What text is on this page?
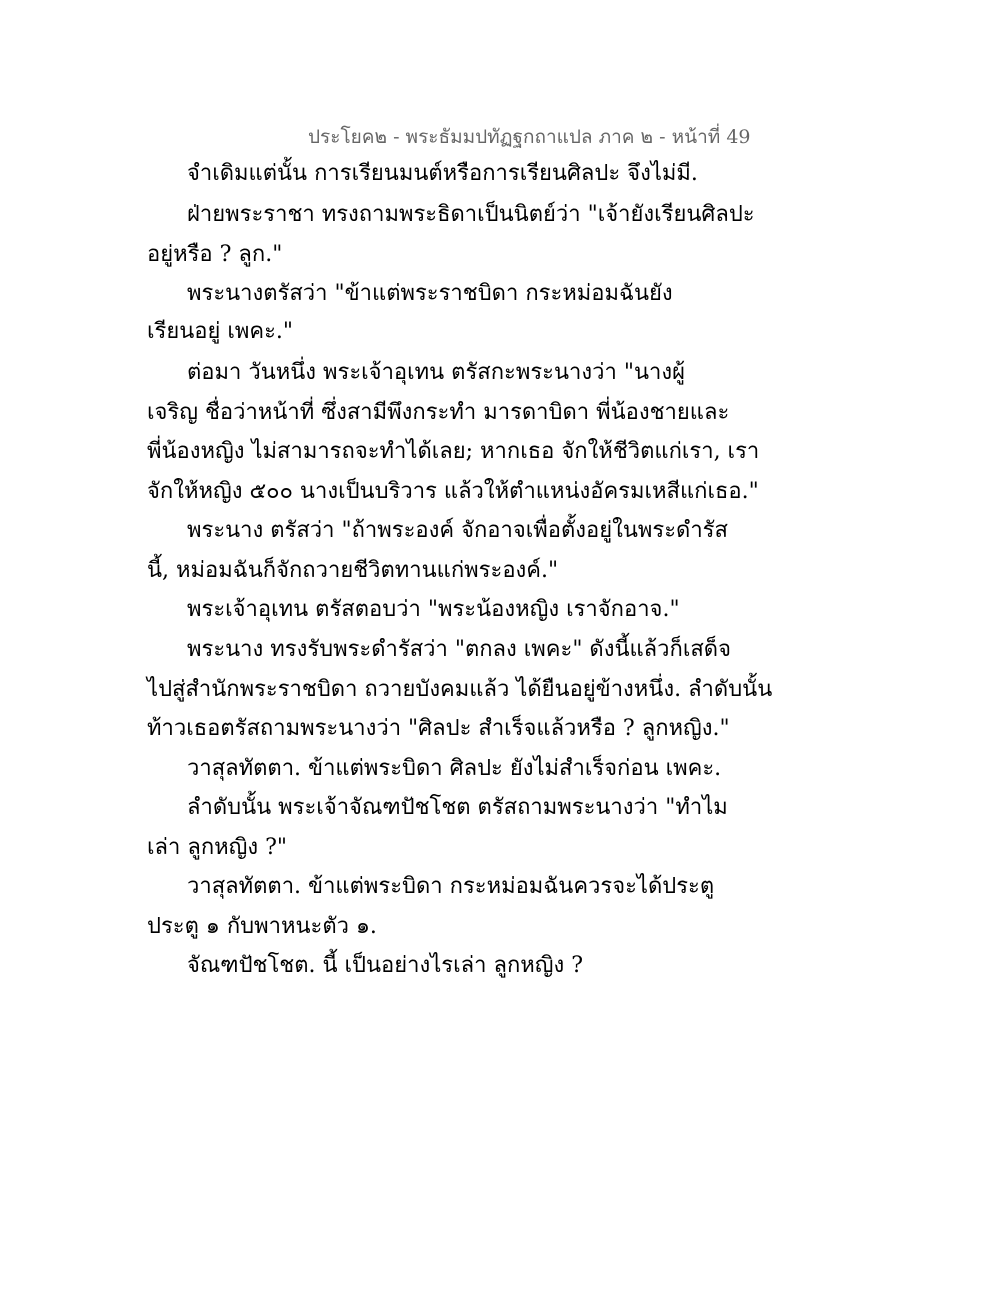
ประโยค๒ - พระธัมมปทัฏฐกถาแปล ภาค ๒ - หน้าที่ 49
จำเดิมแต่นั้น การเรียนมนต์หรือการเรียนศิลปะ จึงไม่มี.
ฝ่ายพระราชา ทรงถามพระธิดาเป็นนิตย์ว่า "เจ้ายังเรียนศิลปะ
อยู่หรือ ? ลูก."
พระนางตรัสว่า "ข้าแต่พระราชบิดา กระหม่อมฉันยัง
เรียนอยู่ เพคะ."
ต่อมา วันหนึ่ง พระเจ้าอุเทน ตรัสกะพระนางว่า "นางผู้
เจริญ ชื่อว่าหน้าที่ ซึ่งสามีพึงกระทำ มารดาบิดา พี่น้องชายและ
พี่น้องหญิง ไม่สามารถจะทำได้เลย; หากเธอ จักให้ชีวิตแก่เรา, เรา
จักให้หญิง ๕๐๐ นางเป็นบริวาร แล้วให้ตำแหน่งอัครมเหสีแก่เธอ."
พระนาง ตรัสว่า "ถ้าพระองค์ จักอาจเพื่อตั้งอยู่ในพระดำรัส
นี้, หม่อมฉันก็จักถวายชีวิตทานแก่พระองค์."
พระเจ้าอุเทน ตรัสตอบว่า "พระน้องหญิง เราจักอาจ."
พระนาง ทรงรับพระดำรัสว่า "ตกลง เพคะ" ดังนี้แล้วก็เสด็จ
ไปสู่สำนักพระราชบิดา ถวายบังคมแล้ว ได้ยืนอยู่ข้างหนึ่ง. ลำดับนั้น
ท้าวเธอตรัสถามพระนางว่า "ศิลปะ สำเร็จแล้วหรือ ? ลูกหญิง."
วาสุลทัตตา. ข้าแต่พระบิดา ศิลปะ ยังไม่สำเร็จก่อน เพคะ.
ลำดับนั้น พระเจ้าจัณฑปัชโชต ตรัสถามพระนางว่า "ทำไม
เล่า ลูกหญิง ?"
วาสุลทัตตา. ข้าแต่พระบิดา กระหม่อมฉันควรจะได้ประตู
ประตู ๑ กับพาหนะตัว ๑.
จัณฑปัชโชต. นี้ เป็นอย่างไรเล่า ลูกหญิง ?
